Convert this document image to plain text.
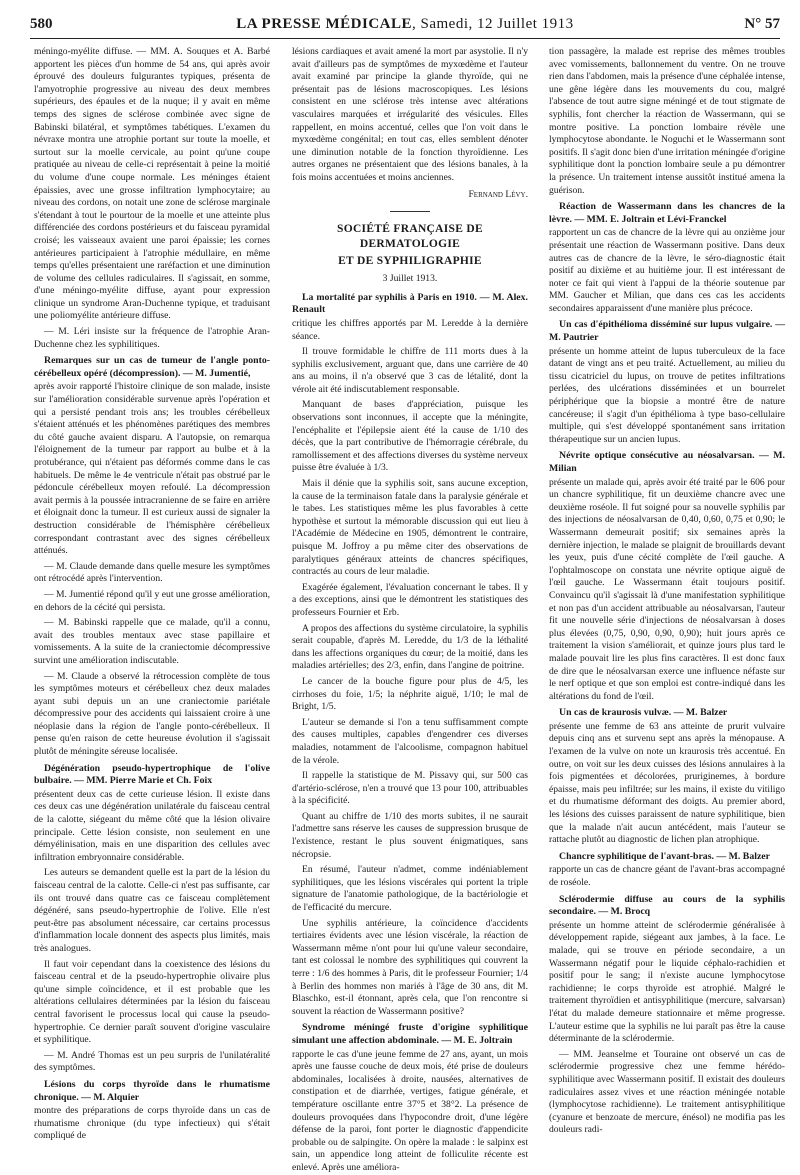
580	LA PRESSE MÉDICALE, Samedi, 12 Juillet 1913	N° 57

méningo-myélite diffuse. — MM. A. Souques et A. Barbé apportent les pièces d'un homme de 54 ans, qui après avoir éprouvé des douleurs fulgurantes typiques, présenta de l'amyotrophie progressive au niveau des deux membres supérieurs, des épaules et de la nuque; il y avait en même temps des signes de sclérose combinée avec signe de Babinski bilatéral, et symptômes tabétiques. L'examen du névraxe montra une atrophie portant sur toute la moelle, et surtout sur la moelle cervicale, au point qu'une coupe pratiquée au niveau de celle-ci représentait à peine la moitié du volume d'une coupe normale. Les méninges étaient épaissies, avec une grosse infiltration lymphocytaire; au niveau des cordons, on notait une zone de sclérose marginale s'étendant à tout le pourtour de la moelle et une atteinte plus différenciée des cordons postérieurs et du faisceau pyramidal croisé; les vaisseaux avaient une paroi épaissie; les cornes antérieures participaient à l'atrophie médullaire, en même temps qu'elles présentaient une raréfaction et une diminution de volume des cellules radiculaires. Il s'agissait, en somme, d'une méningo-myélite diffuse, ayant pour expression clinique un syndrome Aran-Duchenne typique, et traduisant une poliomyélite antérieure diffuse.

— M. Léri insiste sur la fréquence de l'atrophie Aran-Duchenne chez les syphilitiques.

Remarques sur un cas de tumeur de l'angle ponto-cérébelleux opéré (décompression). — M. Jumentié,

après avoir rapporté l'histoire clinique de son malade, insiste sur l'amélioration considérable survenue après l'opération et qui a persisté pendant trois ans; les troubles cérébelleux s'étaient atténués et les phénomènes parétiques des membres du côté gauche avaient disparu. A l'autopsie, on remarqua l'éloignement de la tumeur par rapport au bulbe et à la protubérance, qui n'étaient pas déformés comme dans le cas habituels. De même le 4e ventricule n'était pas obstrué par le pédoncule cérébelleux moyen refoulé. La décompression avait permis à la poussée intracranienne de se faire en arrière et éloignait donc la tumeur. Il est curieux aussi de signaler la destruction considérable de l'hémisphère cérébelleux correspondant contrastant avec des signes cérébelleux atténués.

— M. Claude demande dans quelle mesure les symptômes ont rétrocédé après l'intervention.

— M. Jumentié répond qu'il y eut une grosse amélioration, en dehors de la cécité qui persista.

— M. Babinski rappelle que ce malade, qu'il a connu, avait des troubles mentaux avec stase papillaire et vomissements. A la suite de la craniectomie décompressive survint une amélioration indiscutable.

— M. Claude a observé la rétrocession complète de tous les symptômes moteurs et cérébelleux chez deux malades ayant subi depuis un an une craniectomie pariétale décompressive pour des accidents qui laissaient croire à une néoplasie dans la région de l'angle ponto-cérébelleux. Il pense qu'en raison de cette heureuse évolution il s'agissait plutôt de méningite séreuse localisée.

Dégénération pseudo-hypertrophique de l'olive bulbaire. — MM. Pierre Marie et Ch. Foix

présentent deux cas de cette curieuse lésion. Il existe dans ces deux cas une dégénération unilatérale du faisceau central de la calotte, siégeant du même côté que la lésion olivaire principale. Cette lésion consiste, non seulement en une démyélinisation, mais en une disparition des cellules avec infiltration embryonnaire considérable.

Les auteurs se demandent quelle est la part de la lésion du faisceau central de la calotte. Celle-ci n'est pas suffisante, car ils ont trouvé dans quatre cas ce faisceau complètement dégénéré, sans pseudo-hypertrophie de l'olive. Elle n'est peut-être pas absolument nécessaire, car certains processus d'inflammation locale donnent des aspects plus limités, mais très analogues.

Il faut voir cependant dans la coexistence des lésions du faisceau central et de la pseudo-hypertrophie olivaire plus qu'une simple coïncidence, et il est probable que les altérations cellulaires déterminées par la lésion du faisceau central favorisent le processus local qui cause la pseudo-hypertrophie. Ce dernier paraît souvent d'origine vasculaire et syphilitique.

— M. André Thomas est un peu surpris de l'unilatéralité des symptômes.

Lésions du corps thyroïde dans le rhumatisme chronique. — M. Alquier

montre des préparations de corps thyroïde dans un cas de rhumatisme chronique (du type infectieux) qui s'était compliqué de

lésions cardiaques et avait amené la mort par asystolie. Il n'y avait d'ailleurs pas de symptômes de myxœdème et l'auteur avait examiné par principe la glande thyroïde, qui ne présentait pas de lésions macroscopiques. Les lésions consistent en une sclérose très intense avec altérations vasculaires marquées et irrégularité des vésicules. Elles rappellent, en moins accentué, celles que l'on voit dans le myxœdème congénital; en tout cas, elles semblent dénoter une diminution notable de la fonction thyroïdienne. Les autres organes ne présentaient que des lésions banales, à la fois moins accentuées et moins anciennes.

Fernand Lévy.
SOCIÉTÉ FRANÇAISE DE DERMATOLOGIE
ET DE SYPHILIGRAPHIE
3 Juillet 1913.
La mortalité par syphilis à Paris en 1910. — M. Alex. Renault

critique les chiffres apportés par M. Leredde à la dernière séance.

Il trouve formidable le chiffre de 111 morts dues à la syphilis exclusivement, arguant que, dans une carrière de 40 ans au moins, il n'a observé que 3 cas de létalité, dont la vérole ait été indiscutablement responsable.

Manquant de bases d'appréciation, puisque les observations sont inconnues, il accepte que la méningite, l'encéphalite et l'épilepsie aient été la cause de 1/10 des décès, que la part contributive de l'hémorragie cérébrale, du ramollissement et des affections diverses du système nerveux puisse être évaluée à 1/3.

Mais il dénie que la syphilis soit, sans aucune exception, la cause de la terminaison fatale dans la paralysie générale et le tabes. Les statistiques même les plus favorables à cette hypothèse et surtout la mémorable discussion qui eut lieu à l'Académie de Médecine en 1905, démontrent le contraire, puisque M. Joffroy a pu même citer des observations de paralytiques généraux atteints de chancres spécifiques, contractés au cours de leur maladie.

Exagérée également, l'évaluation concernant le tabes. Il y a des exceptions, ainsi que le démontrent les statistiques des professeurs Fournier et Erb.

A propos des affections du système circulatoire, la syphilis serait coupable, d'après M. Leredde, du 1/3 de la léthalité dans les affections organiques du cœur; de la moitié, dans les maladies artérielles; des 2/3, enfin, dans l'angine de poitrine.

Le cancer de la bouche figure pour plus de 4/5, les cirrhoses du foie, 1/5; la néphrite aiguë, 1/10; le mal de Bright, 1/5.

L'auteur se demande si l'on a tenu suffisamment compte des causes multiples, capables d'engendrer ces diverses maladies, notamment de l'alcoolisme, compagnon habituel de la vérole.

Il rappelle la statistique de M. Pissavy qui, sur 500 cas d'artério-sclérose, n'en a trouvé que 13 pour 100, attribuables à la spécificité.

Quant au chiffre de 1/10 des morts subites, il ne saurait l'admettre sans réserve les causes de suppression brusque de l'existence, restant le plus souvent énigmatiques, sans nécropsie.

En résumé, l'auteur n'admet, comme indéniablement syphilitiques, que les lésions viscérales qui portent la triple signature de l'anatomie pathologique, de la bactériologie et de l'efficacité du mercure.

Une syphilis antérieure, la coïncidence d'accidents tertiaires évidents avec une lésion viscérale, la réaction de Wassermann même n'ont pour lui qu'une valeur secondaire, tant est colossal le nombre des syphilitiques qui couvrent la terre : 1/6 des hommes à Paris, dit le professeur Fournier; 1/4 à Berlin des hommes non mariés à l'âge de 30 ans, dit M. Blaschko, est-il étonnant, après cela, que l'on rencontre si souvent la réaction de Wassermann positive?

Syndrome méningé fruste d'origine syphilitique simulant une affection abdominale. — M. E. Joltrain

rapporte le cas d'une jeune femme de 27 ans, ayant, un mois après une fausse couche de deux mois, été prise de douleurs abdominales, localisées à droite, nausées, alternatives de constipation et de diarrhée, vertiges, fatigue générale, et température oscillante entre 37°5 et 38°2. La présence de douleurs provoquées dans l'hypocondre droit, d'une légère défense de la paroi, font porter le diagnostic d'appendicite probable ou de salpingite. On opère la malade : le salpinx est sain, un appendice long atteint de folliculite récente est enlevé. Après une améliora-

tion passagère, la malade est reprise des mêmes troubles avec vomissements, ballonnement du ventre. On ne trouve rien dans l'abdomen, mais la présence d'une céphalée intense, une gêne légère dans les mouvements du cou, malgré l'absence de tout autre signe méningé et de tout stigmate de syphilis, font chercher la réaction de Wassermann, qui se montre positive. La ponction lombaire révèle une lymphocytose abondante. le Noguchi et le Wassermann sont positifs. Il s'agit donc bien d'une irritation méningée d'origine syphilitique dont la ponction lombaire seule a pu démontrer la présence. Un traitement intense aussitôt institué amena la guérison.

Réaction de Wassermann dans les chancres de la lèvre. — MM. E. Joltrain et Lévi-Franckel

rapportent un cas de chancre de la lèvre qui au onzième jour présentait une réaction de Wassermann positive. Dans deux autres cas de chancre de la lèvre, le séro-diagnostic était positif au dixième et au huitième jour. Il est intéressant de noter ce fait qui vient à l'appui de la théorie soutenue par MM. Gaucher et Milian, que dans ces cas les accidents secondaires apparaissent d'une manière plus précoce.

Un cas d'épithélioma disséminé sur lupus vulgaire. — M. Pautrier

présente un homme atteint de lupus tuberculeux de la face datant de vingt ans et peu traité. Actuellement, au milieu du tissu cicatriciel du lupus, on trouve de petites infiltrations perlées, des ulcérations disséminées et un bourrelet périphérique que la biopsie a montré être de nature cancéreuse; il s'agit d'un épithélioma à type baso-cellulaire multiple, qui s'est développé spontanément sans irritation thérapeutique sur un ancien lupus.

Névrite optique consécutive au néosalvarsan. — M. Milian

présente un malade qui, après avoir été traité par le 606 pour un chancre syphilitique, fit un deuxième chancre avec une deuxième roséole. Il fut soigné pour sa nouvelle syphilis par des injections de néosalvarsan de 0,40, 0,60, 0,75 et 0,90; le Wassermann demeurait positif; six semaines après la dernière injection, le malade se plaignit de brouillards devant les yeux, puis d'une cécité complète de l'œil gauche. A l'ophtalmoscope on constata une névrite optique aiguë de l'œil gauche. Le Wassermann était toujours positif. Convaincu qu'il s'agissait là d'une manifestation syphilitique et non pas d'un accident attribuable au néosalvarsan, l'auteur fit une nouvelle série d'injections de néosalvarsan à doses plus élevées (0,75, 0,90, 0,90, 0,90); huit jours après ce traitement la vision s'améliorait, et quinze jours plus tard le malade pouvait lire les plus fins caractères. Il est donc faux de dire que le néosalvarsan exerce une influence néfaste sur le nerf optique et que son emploi est contre-indiqué dans les altérations du fond de l'œil.

Un cas de kraurosis vulvæ. — M. Balzer

présente une femme de 63 ans atteinte de prurit vulvaire depuis cinq ans et survenu sept ans après la ménopause. A l'examen de la vulve on note un kraurosis très accentué. En outre, on voit sur les deux cuisses des lésions annulaires à la fois pigmentées et décolorées, pruriginemes, à bordure épaisse, mais peu infiltrée; sur les mains, il existe du vitiligo et du rhumatisme déformant des doigts. Au premier abord, les lésions des cuisses paraissent de nature syphilitique, bien que la malade n'ait aucun antécédent, mais l'auteur se rattache plutôt au diagnostic de lichen plan atrophique.

Chancre syphilitique de l'avant-bras. — M. Balzer

rapporte un cas de chancre géant de l'avant-bras accompagné de roséole.

Sclérodermie diffuse au cours de la syphilis secondaire. — M. Brocq

présente un homme atteint de sclérodermie généralisée à développement rapide, siégeant aux jambes, à la face. Le malade, qui se trouve en période secondaire, a un Wassermann négatif pour le liquide céphalo-rachidien et positif pour le sang; il n'existe aucune lymphocytose rachidienne; le corps thyroïde est atrophié. Malgré le traitement thyroïdien et antisyphilitique (mercure, salvarsan) l'état du malade demeure stationnaire et même progresse. L'auteur estime que la syphilis ne lui paraît pas être la cause déterminante de la sclérodermie.

— MM. Jeanselme et Touraine ont observé un cas de sclérodermie progressive chez une femme hérédo-syphilitique avec Wassermann positif. Il existait des douleurs radiculaires assez vives et une réaction méningée notable (lymphocytose rachidienne). Le traitement antisyphilitique (cyanure et benzoate de mercure, énésol) ne modifia pas les douleurs radi-
